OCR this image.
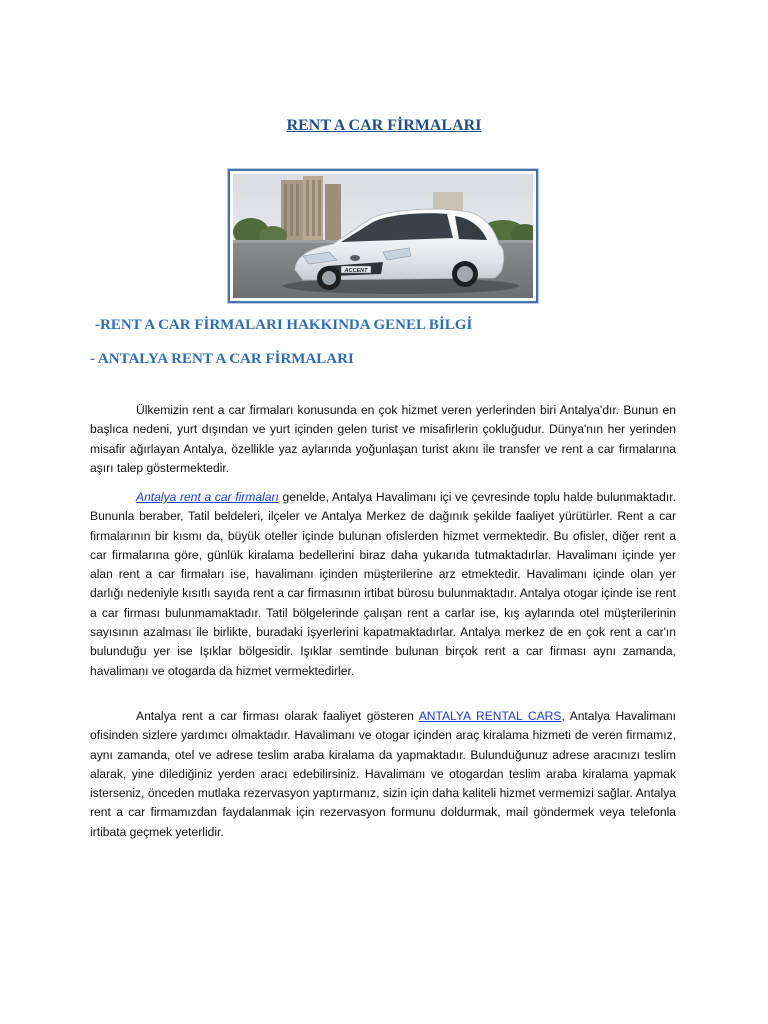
RENT A CAR FİRMALARI
ACCENT
-RENT A CAR FİRMALARI HAKKINDA GENEL BİLGİ
- ANTALYA RENT A CAR FİRMALARI

Ülkemizin rent a car firmaları konusunda en çok hizmet veren yerlerinden biri Antalya'dır. Bunun en başlıca nedeni, yurt dışından ve yurt içinden gelen turist ve misafirlerin çokluğudur. Dünya'nın her yerinden misafir ağırlayan Antalya, özellikle yaz aylarında yoğunlaşan turist akını ile transfer ve rent a car firmalarına aşırı talep göstermektedir.

Antalya rent a car firmaları genelde, Antalya Havalimanı içi ve çevresinde toplu halde bulunmaktadır. Bununla beraber, Tatil beldeleri, ilçeler ve Antalya Merkez de dağınık şekilde faaliyet yürütürler. Rent a car firmalarının bir kısmı da, büyük oteller içinde bulunan ofislerden hizmet vermektedir. Bu ofisler, diğer rent a car firmalarına göre, günlük kiralama bedellerini biraz daha yukarıda tutmaktadırlar. Havalimanı içinde yer alan rent a car firmaları ise, havalimanı içinden müşterilerine arz etmektedir. Havalimanı içinde olan yer darlığı nedeniyle kısıtlı sayıda rent a car firmasının irtibat bürosu bulunmaktadır. Antalya otogar içinde ise rent a car firması bulunmamaktadır. Tatil bölgelerinde çalışan rent a carlar ise, kış aylarında otel müşterilerinin sayısının azalması ile birlikte, buradaki işyerlerini kapatmaktadırlar. Antalya merkez de en çok rent a car'ın bulunduğu yer ise Işıklar bölgesidir. Işıklar semtinde bulunan birçok rent a car firması aynı zamanda, havalimanı ve otogarda da hizmet vermektedirler.

Antalya rent a car firması olarak faaliyet gösteren ANTALYA RENTAL CARS, Antalya Havalimanı ofisinden sizlere yardımcı olmaktadır. Havalimanı ve otogar içinden araç kiralama hizmeti de veren firmamız, aynı zamanda, otel ve adrese teslim araba kiralama da yapmaktadır. Bulunduğunuz adrese aracınızı teslim alarak, yine dilediğiniz yerden aracı edebilirsiniz. Havalimanı ve otogardan teslim araba kiralama yapmak isterseniz, önceden mutlaka rezervasyon yaptırmanız, sizin için daha kaliteli hizmet vermemizi sağlar. Antalya rent a car firmamızdan faydalanmak için rezervasyon formunu doldurmak, mail göndermek veya telefonla irtibata geçmek yeterlidir.
